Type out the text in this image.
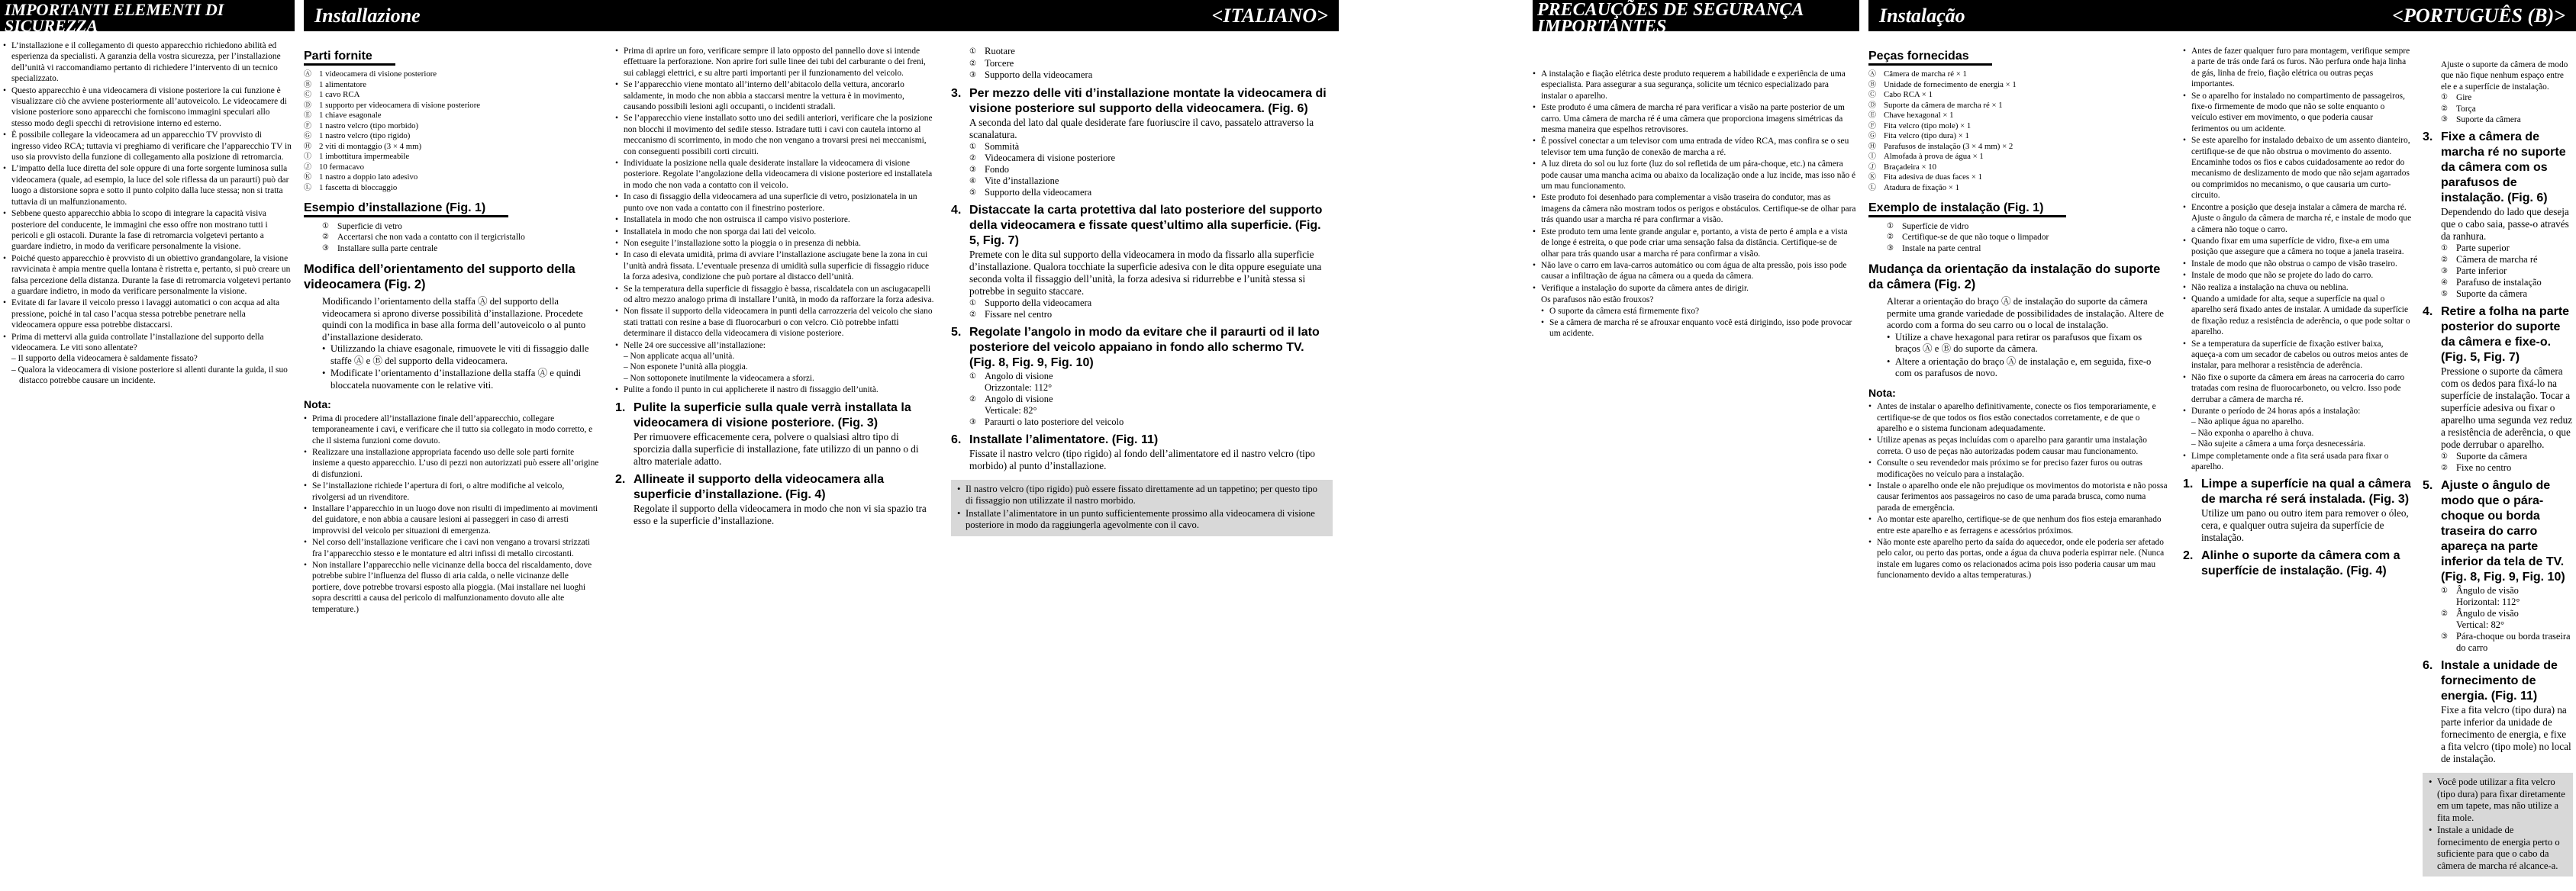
IMPORTANTI ELEMENTI DI SICUREZZA
• L’installazione e il collegamento di questo apparecchio richiedono abilità ed esperienza da specialisti. A garanzia della vostra sicurezza, per l’installazione dell’unità vi raccomandiamo pertanto di richiedere l’intervento di un tecnico specializzato.
• Questo apparecchio è una videocamera di visione posteriore la cui funzione è visualizzare ciò che avviene posteriormente all’autoveicolo. Le videocamere di visione posteriore sono apparecchi che forniscono immagini speculari allo stesso modo degli specchi di retrovisione interno ed esterno.
• È possibile collegare la videocamera ad un apparecchio TV provvisto di ingresso video RCA; tuttavia vi preghiamo di verificare che l’apparecchio TV in uso sia provvisto della funzione di collegamento alla posizione di retromarcia.
• L’impatto della luce diretta del sole oppure di una forte sorgente luminosa sulla videocamera (quale, ad esempio, la luce del sole riflessa da un paraurti) può dar luogo a distorsione sopra e sotto il punto colpito dalla luce stessa; non si tratta tuttavia di un malfunzionamento.
• Sebbene questo apparecchio abbia lo scopo di integrare la capacità visiva posteriore del conducente, le immagini che esso offre non mostrano tutti i pericoli e gli ostacoli. Durante la fase di retromarcia volgetevi pertanto a guardare indietro, in modo da verificare personalmente la visione.
• Poiché questo apparecchio è provvisto di un obiettivo grandangolare, la visione ravvicinata è ampia mentre quella lontana è ristretta e, pertanto, si può creare un falsa percezione della distanza. Durante la fase di retromarcia volgetevi pertanto a guardare indietro, in modo da verificare personalmente la visione.
• Evitate di far lavare il veicolo presso i lavaggi automatici o con acqua ad alta pressione, poiché in tal caso l’acqua stessa potrebbe penetrare nella videocamera oppure essa potrebbe distaccarsi.
• Prima di mettervi alla guida controllate l’installazione del supporto della videocamera. Le viti sono allentate?
– Il supporto della videocamera è saldamente fissato?
– Qualora la videocamera di visione posteriore si allenti durante la guida, il suo distacco potrebbe causare un incidente.
Installazione	<ITALIANO>
Parti fornite
Ⓐ 1 videocamera di visione posteriore
Ⓑ 1 alimentatore
Ⓒ 1 cavo RCA
Ⓓ 1 supporto per videocamera di visione posteriore
Ⓔ 1 chiave esagonale
Ⓕ 1 nastro velcro (tipo morbido)
Ⓖ 1 nastro velcro (tipo rigido)
Ⓗ 2 viti di montaggio (3 × 4 mm)
Ⓘ 1 imbottitura impermeabile
Ⓙ 10 fermacavo
Ⓚ 1 nastro a doppio lato adesivo
Ⓛ 1 fascetta di bloccaggio
Esempio d’installazione (Fig. 1)
① Superficie di vetro
② Accertarsi che non vada a contatto con il tergicristallo
③ Installare sulla parte centrale
Modifica dell’orientamento del supporto della videocamera (Fig. 2)
Modificando l’orientamento della staffa Ⓐ del supporto della videocamera si aprono diverse possibilità d’installazione. Procedete quindi con la modifica in base alla forma dell’autoveicolo o al punto d’installazione desiderato.
• Utilizzando la chiave esagonale, rimuovete le viti di fissaggio dalle staffe Ⓐ e Ⓑ del supporto della videocamera.
• Modificate l’orientamento d’installazione della staffa Ⓐ e quindi bloccatela nuovamente con le relative viti.
Nota:
• Prima di procedere all’installazione finale dell’apparecchio, collegare temporaneamente i cavi, e verificare che il tutto sia collegato in modo corretto, e che il sistema funzioni come dovuto.
• Realizzare una installazione appropriata facendo uso delle sole parti fornite insieme a questo apparecchio. L’uso di pezzi non autorizzati può essere all’origine di disfunzioni.
• Se l’installazione richiede l’apertura di fori, o altre modifiche al veicolo, rivolgersi ad un rivenditore.
• Installare l’apparecchio in un luogo dove non risulti di impedimento ai movimenti del guidatore, e non abbia a causare lesioni ai passeggeri in caso di arresti improvvisi del veicolo per situazioni di emergenza.
• Nel corso dell’installazione verificare che i cavi non vengano a trovarsi strizzati fra l’apparecchio stesso e le montature ed altri infissi di metallo circostanti.
• Non installare l’apparecchio nelle vicinanze della bocca del riscaldamento, dove potrebbe subire l’influenza del flusso di aria calda, o nelle vicinanze delle portiere, dove potrebbe trovarsi esposto alla pioggia. (Mai installare nei luoghi sopra descritti a causa del pericolo di malfunzionamento dovuto alle alte temperature.)
• Prima di aprire un foro, verificare sempre il lato opposto del pannello dove si intende effettuare la perforazione. Non aprire fori sulle linee dei tubi del carburante o dei freni, sui cablaggi elettrici, e su altre parti importanti per il funzionamento del veicolo.
• Se l’apparecchio viene montato all’interno dell’abitacolo della vettura, ancorarlo saldamente, in modo che non abbia a staccarsi mentre la vettura è in movimento, causando possibili lesioni agli occupanti, o incidenti stradali.
• Se l’apparecchio viene installato sotto uno dei sedili anteriori, verificare che la posizione non blocchi il movimento del sedile stesso. Istradare tutti i cavi con cautela intorno al meccanismo di scorrimento, in modo che non vengano a trovarsi presi nei meccanismi, con conseguenti possibili corti circuiti.
• Individuate la posizione nella quale desiderate installare la videocamera di visione posteriore. Regolate l’angolazione della videocamera di visione posteriore ed installatela in modo che non vada a contatto con il veicolo.
• In caso di fissaggio della videocamera ad una superficie di vetro, posizionatela in un punto ove non vada a contatto con il finestrino posteriore.
• Installatela in modo che non ostruisca il campo visivo posteriore.
• Installatela in modo che non sporga dai lati del veicolo.
• Non eseguite l’installazione sotto la pioggia o in presenza di nebbia.
• In caso di elevata umidità, prima di avviare l’installazione asciugate bene la zona in cui l’unità andrà fissata. L’eventuale presenza di umidità sulla superficie di fissaggio riduce la forza adesiva, condizione che può portare al distacco dell’unità.
• Se la temperatura della superficie di fissaggio è bassa, riscaldatela con un asciugacapelli od altro mezzo analogo prima di installare l’unità, in modo da rafforzare la forza adesiva.
• Non fissate il supporto della videocamera in punti della carrozzeria del veicolo che siano stati trattati con resine a base di fluorocarburi o con velcro. Ciò potrebbe infatti determinare il distacco della videocamera di visione posteriore.
• Nelle 24 ore successive all’installazione:
– Non applicate acqua all’unità.
– Non esponete l’unità alla pioggia.
– Non sottoponete inutilmente la videocamera a sforzi.
• Pulite a fondo il punto in cui applicherete il nastro di fissaggio dell’unità.
1. Pulite la superficie sulla quale verrà installata la videocamera di visione posteriore. (Fig. 3)
Per rimuovere efficacemente cera, polvere o qualsiasi altro tipo di sporcizia dalla superficie di installazione, fate utilizzo di un panno o di altro materiale adatto.
2. Allineate il supporto della videocamera alla superficie d’installazione. (Fig. 4)
Regolate il supporto della videocamera in modo che non vi sia spazio tra esso e la superficie d’installazione.
① Ruotare
② Torcere
③ Supporto della videocamera
3. Per mezzo delle viti d’installazione montate la videocamera di visione posteriore sul supporto della videocamera. (Fig. 6)
A seconda del lato dal quale desiderate fare fuoriuscire il cavo, passatelo attraverso la scanalatura.
① Sommità
② Videocamera di visione posteriore
③ Fondo
④ Vite d’installazione
⑤ Supporto della videocamera
4. Distaccate la carta protettiva dal lato posteriore del supporto della videocamera e fissate quest’ultimo alla superficie. (Fig. 5, Fig. 7)
Premete con le dita sul supporto della videocamera in modo da fissarlo alla superficie d’installazione. Qualora tocchiate la superficie adesiva con le dita oppure eseguiate una seconda volta il fissaggio dell’unità, la forza adesiva si ridurrebbe e l’unità stessa si potrebbe in seguito staccare.
① Supporto della videocamera
② Fissare nel centro
5. Regolate l’angolo in modo da evitare che il paraurti od il lato posteriore del veicolo appaiano in fondo allo schermo TV. (Fig. 8, Fig. 9, Fig. 10)
① Angolo di visione
Orizzontale: 112°
② Angolo di visione
Verticale: 82°
③ Paraurti o lato posteriore del veicolo
6. Installate l’alimentatore. (Fig. 11)
Fissate il nastro velcro (tipo rigido) al fondo dell’alimentatore ed il nastro velcro (tipo morbido) al punto d’installazione.
• Il nastro velcro (tipo rigido) può essere fissato direttamente ad un tappetino; per questo tipo di fissaggio non utilizzate il nastro morbido.
• Installate l’alimentatore in un punto sufficientemente prossimo alla videocamera di visione posteriore in modo da raggiungerla agevolmente con il cavo.
PRECAUÇÕES DE SEGURANÇA IMPORTANTES
• A instalação e fiação elétrica deste produto requerem a habilidade e experiência de uma especialista. Para assegurar a sua segurança, solicite um técnico especializado para instalar o aparelho.
• Este produto é uma câmera de marcha ré para verificar a visão na parte posterior de um carro. Uma câmera de marcha ré é uma câmera que proporciona imagens simétricas da mesma maneira que espelhos retrovisores.
• É possível conectar a um televisor com uma entrada de vídeo RCA, mas confira se o seu televisor tem uma função de conexão de marcha a ré.
• A luz direta do sol ou luz forte (luz do sol refletida de um pára-choque, etc.) na câmera pode causar uma mancha acima ou abaixo da localização onde a luz incide, mas isso não é um mau funcionamento.
• Este produto foi desenhado para complementar a visão traseira do condutor, mas as imagens da câmera não mostram todos os perigos e obstáculos. Certifique-se de olhar para trás quando usar a marcha ré para confirmar a visão.
• Este produto tem uma lente grande angular e, portanto, a vista de perto é ampla e a vista de longe é estreita, o que pode criar uma sensação falsa da distância. Certifique-se de olhar para trás quando usar a marcha ré para confirmar a visão.
• Não lave o carro em lava-carros automático ou com água de alta pressão, pois isso pode causar a infiltração de água na câmera ou a queda da câmera.
• Verifique a instalação do suporte da câmera antes de dirigir.
Os parafusos não estão frouxos?
• O suporte da câmera está firmemente fixo?
• Se a câmera de marcha ré se afrouxar enquanto você está dirigindo, isso pode provocar um acidente.
Instalação	<PORTUGUÊS (B)>
Peças fornecidas
Ⓐ Câmera de marcha ré × 1
Ⓑ Unidade de fornecimento de energia × 1
Ⓒ Cabo RCA × 1
Ⓓ Suporte da câmera de marcha ré × 1
Ⓔ Chave hexagonal × 1
Ⓕ Fita velcro (tipo mole) × 1
Ⓖ Fita velcro (tipo dura) × 1
Ⓗ Parafusos de instalação (3 × 4 mm) × 2
Ⓘ Almofada à prova de água × 1
Ⓙ Braçadeira × 10
Ⓚ Fita adesiva de duas faces × 1
Ⓛ Atadura de fixação × 1
Exemplo de instalação (Fig. 1)
① Superfície de vidro
② Certifique-se de que não toque o limpador
③ Instale na parte central
Mudança da orientação da instalação do suporte da câmera (Fig. 2)
Alterar a orientação do braço Ⓐ de instalação do suporte da câmera permite uma grande variedade de possibilidades de instalação. Altere de acordo com a forma do seu carro ou o local de instalação.
• Utilize a chave hexagonal para retirar os parafusos que fixam os braços Ⓐ e Ⓑ do suporte da câmera.
• Altere a orientação do braço Ⓐ de instalação e, em seguida, fixe-o com os parafusos de novo.
Nota:
• Antes de instalar o aparelho definitivamente, conecte os fios temporariamente, e certifique-se de que todos os fios estão conectados corretamente, e de que o aparelho e o sistema funcionam adequadamente.
• Utilize apenas as peças incluídas com o aparelho para garantir uma instalação correta. O uso de peças não autorizadas podem causar mau funcionamento.
• Consulte o seu revendedor mais próximo se for preciso fazer furos ou outras modificações no veículo para a instalação.
• Instale o aparelho onde ele não prejudique os movimentos do motorista e não possa causar ferimentos aos passageiros no caso de uma parada brusca, como numa parada de emergência.
• Ao montar este aparelho, certifique-se de que nenhum dos fios esteja emaranhado entre este aparelho e as ferragens e acessórios próximos.
• Não monte este aparelho perto da saída do aquecedor, onde ele poderia ser afetado pelo calor, ou perto das portas, onde a água da chuva poderia espirrar nele. (Nunca instale em lugares como os relacionados acima pois isso poderia causar um mau funcionamento devido a altas temperaturas.)
• Antes de fazer qualquer furo para montagem, verifique sempre a parte de trás onde fará os furos. Não perfura onde haja linha de gás, linha de freio, fiação elétrica ou outras peças importantes.
• Se o aparelho for instalado no compartimento de passageiros, fixe-o firmemente de modo que não se solte enquanto o veículo estiver em movimento, o que poderia causar ferimentos ou um acidente.
• Se este aparelho for instalado debaixo de um assento dianteiro, certifique-se de que não obstrua o movimento do assento. Encaminhe todos os fios e cabos cuidadosamente ao redor do mecanismo de deslizamento de modo que não sejam agarrados ou comprimidos no mecanismo, o que causaria um curto-circuito.
• Encontre a posição que deseja instalar a câmera de marcha ré. Ajuste o ângulo da câmera de marcha ré, e instale de modo que a câmera não toque o carro.
• Quando fixar em uma superfície de vidro, fixe-a em uma posição que assegure que a câmera no toque a janela traseira.
• Instale de modo que não obstrua o campo de visão traseiro.
• Instale de modo que não se projete do lado do carro.
• Não realiza a instalação na chuva ou neblina.
• Quando a umidade for alta, seque a superfície na qual o aparelho será fixado antes de instalar. A umidade da superfície de fixação reduz a resistência de aderência, o que pode soltar o aparelho.
• Se a temperatura da superfície de fixação estiver baixa, aqueça-a com um secador de cabelos ou outros meios antes de instalar, para melhorar a resistência de aderência.
• Não fixe o suporte da câmera em áreas na carroceria do carro tratadas com resina de fluorocarboneto, ou velcro. Isso pode derrubar a câmera de marcha ré.
• Durante o período de 24 horas após a instalação:
– Não aplique água no aparelho.
– Não exponha o aparelho à chuva.
– Não sujeite a câmera a uma força desnecessária.
• Limpe completamente onde a fita será usada para fixar o aparelho.
1. Limpe a superfície na qual a câmera de marcha ré será instalada. (Fig. 3)
Utilize um pano ou outro item para remover o óleo, cera, e qualquer outra sujeira da superfície de instalação.
2. Alinhe o suporte da câmera com a superfície de instalação. (Fig. 4)
Ajuste o suporte da câmera de modo que não fique nenhum espaço entre ele e a superfície de instalação.
① Gire
② Torça
③ Suporte da câmera
3. Fixe a câmera de marcha ré no suporte da câmera com os parafusos de instalação. (Fig. 6)
Dependendo do lado que deseja que o cabo saia, passe-o através da ranhura.
① Parte superior
② Câmera de marcha ré
③ Parte inferior
④ Parafuso de instalação
⑤ Suporte da câmera
4. Retire a folha na parte posterior do suporte da câmera e fixe-o. (Fig. 5, Fig. 7)
Pressione o suporte da câmera com os dedos para fixá-lo na superfície de instalação. Tocar a superfície adesiva ou fixar o aparelho uma segunda vez reduz a resistência de aderência, o que pode derrubar o aparelho.
① Suporte da câmera
② Fixe no centro
5. Ajuste o ângulo de modo que o pára-choque ou borda traseira do carro apareça na parte inferior da tela de TV. (Fig. 8, Fig. 9, Fig. 10)
① Ângulo de visão
Horizontal: 112°
② Ângulo de visão
Vertical: 82°
③ Pára-choque ou borda traseira do carro
6. Instale a unidade de fornecimento de energia. (Fig. 11)
Fixe a fita velcro (tipo dura) na parte inferior da unidade de fornecimento de energia, e fixe a fita velcro (tipo mole) no local de instalação.
• Você pode utilizar a fita velcro (tipo dura) para fixar diretamente em um tapete, mas não utilize a fita mole.
• Instale a unidade de fornecimento de energia perto o suficiente para que o cabo da câmera de marcha ré alcance-a.
